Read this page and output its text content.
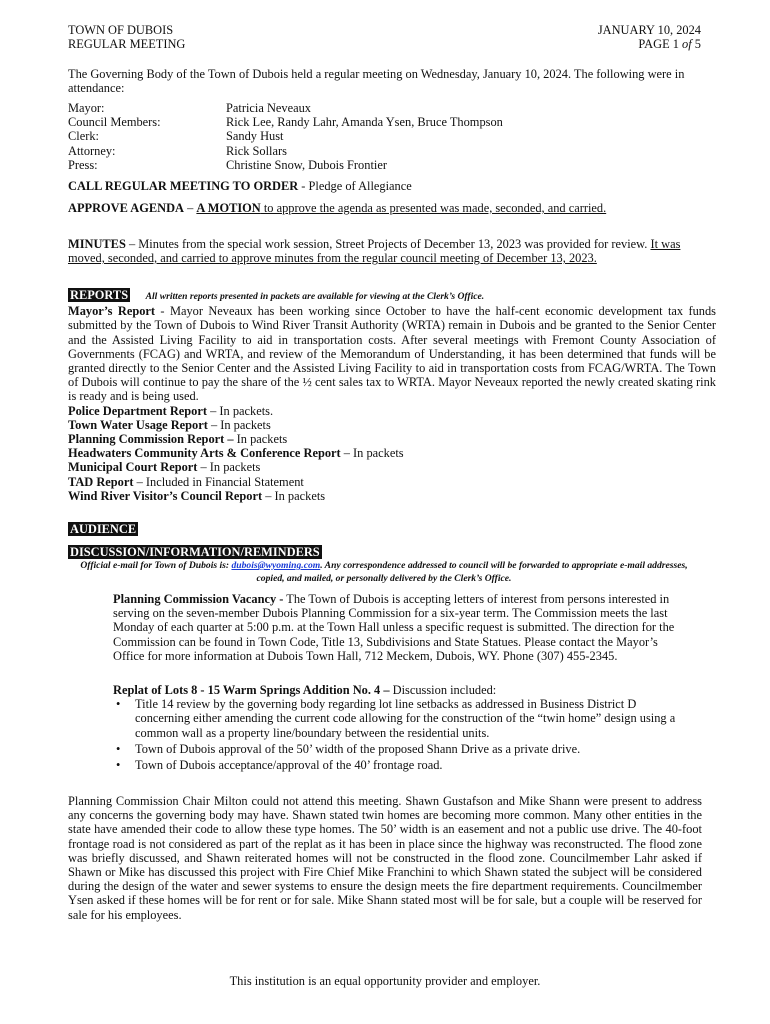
TOWN OF DUBOIS
REGULAR MEETING
JANUARY 10, 2024
PAGE 1 of 5
The Governing Body of the Town of Dubois held a regular meeting on Wednesday, January 10, 2024. The following were in attendance:
Mayor:	Patricia Neveaux
Council Members:	Rick Lee, Randy Lahr, Amanda Ysen, Bruce Thompson
Clerk:	Sandy Hust
Attorney:	Rick Sollars
Press:	Christine Snow, Dubois Frontier
CALL REGULAR MEETING TO ORDER - Pledge of Allegiance
APPROVE AGENDA – A MOTION to approve the agenda as presented was made, seconded, and carried.
MINUTES – Minutes from the special work session, Street Projects of December 13, 2023 was provided for review. It was moved, seconded, and carried to approve minutes from the regular council meeting of December 13, 2023.
REPORTS All written reports presented in packets are available for viewing at the Clerk’s Office.
Mayor’s Report - Mayor Neveaux has been working since October to have the half-cent economic development tax funds submitted by the Town of Dubois to Wind River Transit Authority (WRTA) remain in Dubois and be granted to the Senior Center and the Assisted Living Facility to aid in transportation costs. After several meetings with Fremont County Association of Governments (FCAG) and WRTA, and review of the Memorandum of Understanding, it has been determined that funds will be granted directly to the Senior Center and the Assisted Living Facility to aid in transportation costs from FCAG/WRTA. The Town of Dubois will continue to pay the share of the ½ cent sales tax to WRTA. Mayor Neveaux reported the newly created skating rink is ready and is being used.
Police Department Report – In packets.
Town Water Usage Report – In packets
Planning Commission Report – In packets
Headwaters Community Arts & Conference Report – In packets
Municipal Court Report – In packets
TAD Report – Included in Financial Statement
Wind River Visitor’s Council Report – In packets
AUDIENCE
DISCUSSION/INFORMATION/REMINDERS
Official e-mail for Town of Dubois is: dubois@wyoming.com. Any correspondence addressed to council will be forwarded to appropriate e-mail addresses, copied, and mailed, or personally delivered by the Clerk’s Office.
Planning Commission Vacancy - The Town of Dubois is accepting letters of interest from persons interested in serving on the seven-member Dubois Planning Commission for a six-year term. The Commission meets the last Monday of each quarter at 5:00 p.m. at the Town Hall unless a specific request is submitted. The direction for the Commission can be found in Town Code, Title 13, Subdivisions and State Statues. Please contact the Mayor’s Office for more information at Dubois Town Hall, 712 Meckem, Dubois, WY. Phone (307) 455-2345.
Replat of Lots 8 - 15 Warm Springs Addition No. 4 – Discussion included:
• Title 14 review by the governing body regarding lot line setbacks as addressed in Business District D concerning either amending the current code allowing for the construction of the “twin home” design using a common wall as a property line/boundary between the residential units.
• Town of Dubois approval of the 50’ width of the proposed Shann Drive as a private drive.
• Town of Dubois acceptance/approval of the 40’ frontage road.
Planning Commission Chair Milton could not attend this meeting. Shawn Gustafson and Mike Shann were present to address any concerns the governing body may have. Shawn stated twin homes are becoming more common. Many other entities in the state have amended their code to allow these type homes. The 50’ width is an easement and not a public use drive. The 40-foot frontage road is not considered as part of the replat as it has been in place since the highway was reconstructed. The flood zone was briefly discussed, and Shawn reiterated homes will not be constructed in the flood zone. Councilmember Lahr asked if Shawn or Mike has discussed this project with Fire Chief Mike Franchini to which Shawn stated the subject will be considered during the design of the water and sewer systems to ensure the design meets the fire department requirements. Councilmember Ysen asked if these homes will be for rent or for sale. Mike Shann stated most will be for sale, but a couple will be reserved for sale for his employees.
This institution is an equal opportunity provider and employer.
